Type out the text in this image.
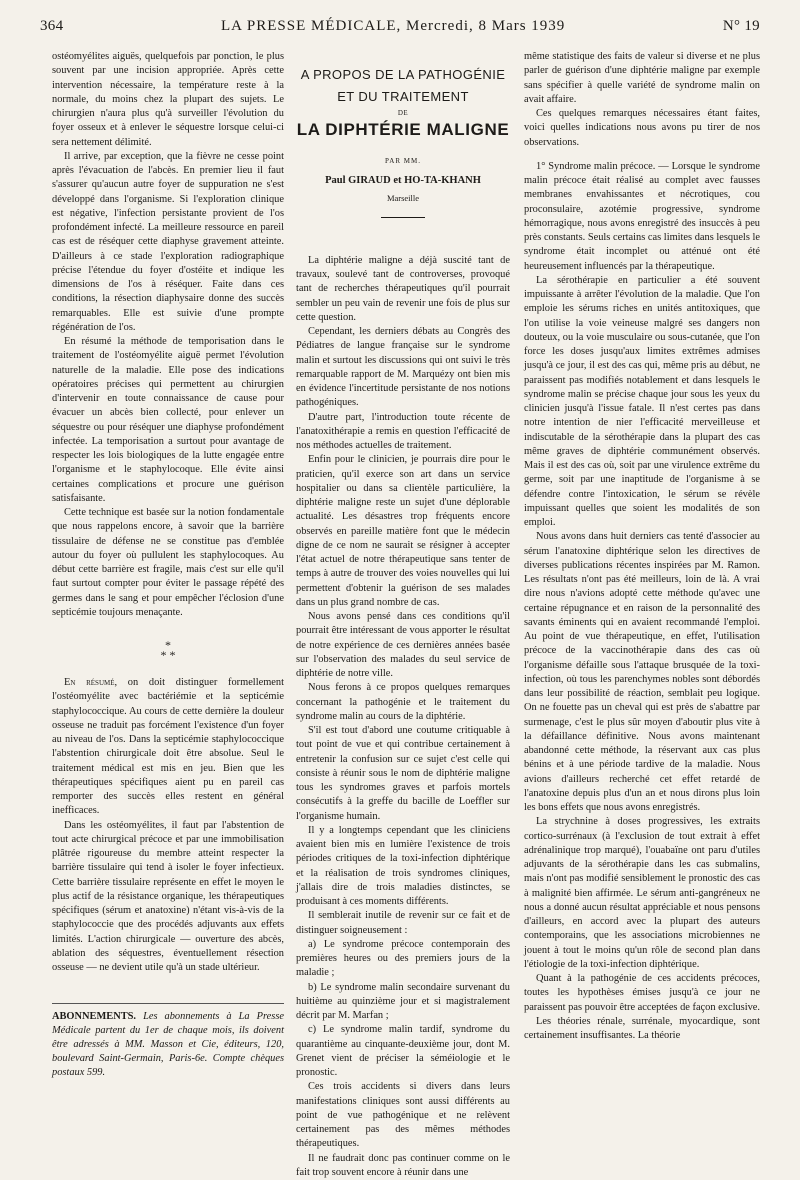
364	LA PRESSE MÉDICALE, Mercredi, 8 Mars 1939	N° 19

ostéomyélites aiguës, quelquefois par ponction, le plus souvent par une incision appropriée. Après cette intervention nécessaire, la température reste à la normale, du moins chez la plupart des sujets. Le chirurgien n'aura plus qu'à surveiller l'évolution du foyer osseux et à enlever le séquestre lorsque celui-ci sera nettement délimité.

Il arrive, par exception, que la fièvre ne cesse point après l'évacuation de l'abcès. En premier lieu il faut s'assurer qu'aucun autre foyer de suppuration ne s'est développé dans l'organisme. Si l'exploration clinique est négative, l'infection persistante provient de l'os profondément infecté. La meilleure ressource en pareil cas est de réséquer cette diaphyse gravement atteinte. D'ailleurs à ce stade l'exploration radiographique précise l'étendue du foyer d'ostéite et indique les dimensions de l'os à réséquer. Faite dans ces conditions, la résection diaphysaire donne des succès remarquables. Elle est suivie d'une prompte régénération de l'os.

En résumé la méthode de temporisation dans le traitement de l'ostéomyélite aiguë permet l'évolution naturelle de la maladie. Elle pose des indications opératoires précises qui permettent au chirurgien d'intervenir en toute connaissance de cause pour évacuer un abcès bien collecté, pour enlever un séquestre ou pour réséquer une diaphyse profondément infectée. La temporisation a surtout pour avantage de respecter les lois biologiques de la lutte engagée entre l'organisme et le staphylocoque. Elle évite ainsi certaines complications et procure une guérison satisfaisante.

Cette technique est basée sur la notion fondamentale que nous rappelons encore, à savoir que la barrière tissulaire de défense ne se constitue pas d'emblée autour du foyer où pullulent les staphylocoques. Au début cette barrière est fragile, mais c'est sur elle qu'il faut surtout compter pour éviter le passage répété des germes dans le sang et pour empêcher l'éclosion d'une septicémie toujours menaçante.

*
* *

En résumé, on doit distinguer formellement l'ostéomyélite avec bactériémie et la septicémie staphylococcique. Au cours de cette dernière la douleur osseuse ne traduit pas forcément l'existence d'un foyer au niveau de l'os. Dans la septicémie staphylococcique l'abstention chirurgicale doit être absolue. Seul le traitement médical est mis en jeu. Bien que les thérapeutiques spécifiques aient pu en pareil cas remporter des succès elles restent en général inefficaces.

Dans les ostéomyélites, il faut par l'abstention de tout acte chirurgical précoce et par une immobilisation plâtrée rigoureuse du membre atteint respecter la barrière tissulaire qui tend à isoler le foyer infectieux. Cette barrière tissulaire représente en effet le moyen le plus actif de la résistance organique, les thérapeutiques spécifiques (sérum et anatoxine) n'étant vis-à-vis de la staphylococcie que des procédés adjuvants aux effets limités. L'action chirurgicale — ouverture des abcès, ablation des séquestres, éventuellement résection osseuse — ne devient utile qu'à un stade ultérieur.

ABONNEMENTS. Les abonnements à La Presse Médicale partent du 1er de chaque mois, ils doivent être adressés à MM. Masson et Cie, éditeurs, 120, boulevard Saint-Germain, Paris-6e. Compte chèques postaux 599.
A PROPOS DE LA PATHOGÉNIE
ET DU TRAITEMENT
DE
LA DIPHTÉRIE MALIGNE
PAR MM.
Paul GIRAUD et HO-TA-KHANH
Marseille

La diphtérie maligne a déjà suscité tant de travaux, soulevé tant de controverses, provoqué tant de recherches thérapeutiques qu'il pourrait sembler un peu vain de revenir une fois de plus sur cette question.

Cependant, les derniers débats au Congrès des Pédiatres de langue française sur le syndrome malin et surtout les discussions qui ont suivi le très remarquable rapport de M. Marquézy ont bien mis en évidence l'incertitude persistante de nos notions pathogéniques.

D'autre part, l'introduction toute récente de l'anatoxithérapie a remis en question l'efficacité de nos méthodes actuelles de traitement.

Enfin pour le clinicien, je pourrais dire pour le praticien, qu'il exerce son art dans un service hospitalier ou dans sa clientèle particulière, la diphtérie maligne reste un sujet d'une déplorable actualité. Les désastres trop fréquents encore observés en pareille matière font que le médecin digne de ce nom ne saurait se résigner à accepter l'état actuel de notre thérapeutique sans tenter de temps à autre de trouver des voies nouvelles qui lui permettent d'obtenir la guérison de ses malades dans un plus grand nombre de cas.

Nous avons pensé dans ces conditions qu'il pourrait être intéressant de vous apporter le résultat de notre expérience de ces dernières années basée sur l'observation des malades du seul service de diphtérie de notre ville.

Nous ferons à ce propos quelques remarques concernant la pathogénie et le traitement du syndrome malin au cours de la diphtérie.

S'il est tout d'abord une coutume critiquable à tout point de vue et qui contribue certainement à entretenir la confusion sur ce sujet c'est celle qui consiste à réunir sous le nom de diphtérie maligne tous les syndromes graves et parfois mortels consécutifs à la greffe du bacille de Loeffler sur l'organisme humain.

Il y a longtemps cependant que les cliniciens avaient bien mis en lumière l'existence de trois périodes critiques de la toxi-infection diphtérique et la réalisation de trois syndromes cliniques, j'allais dire de trois maladies distinctes, se produisant à ces moments différents.

Il semblerait inutile de revenir sur ce fait et de distinguer soigneusement :

a) Le syndrome précoce contemporain des premières heures ou des premiers jours de la maladie ;

b) Le syndrome malin secondaire survenant du huitième au quinzième jour et si magistralement décrit par M. Marfan ;

c) Le syndrome malin tardif, syndrome du quarantième au cinquante-deuxième jour, dont M. Grenet vient de préciser la séméiologie et le pronostic.

Ces trois accidents si divers dans leurs manifestations cliniques sont aussi différents au point de vue pathogénique et ne relèvent certainement pas des mêmes méthodes thérapeutiques.

Il ne faudrait donc pas continuer comme on le fait trop souvent encore à réunir dans une

même statistique des faits de valeur si diverse et ne plus parler de guérison d'une diphtérie maligne par exemple sans spécifier à quelle variété de syndrome malin on avait affaire.

Ces quelques remarques nécessaires étant faites, voici quelles indications nous avons pu tirer de nos observations.

1° Syndrome malin précoce. — Lorsque le syndrome malin précoce était réalisé au complet avec fausses membranes envahissantes et nécrotiques, cou proconsulaire, azotémie progressive, syndrome hémorragique, nous avons enregistré des insuccès à peu près constants. Seuls certains cas limites dans lesquels le syndrome était incomplet ou atténué ont été heureusement influencés par la thérapeutique.

La sérothérapie en particulier a été souvent impuissante à arrêter l'évolution de la maladie. Que l'on emploie les sérums riches en unités antitoxiques, que l'on utilise la voie veineuse malgré ses dangers non douteux, ou la voie musculaire ou sous-cutanée, que l'on force les doses jusqu'aux limites extrêmes admises jusqu'à ce jour, il est des cas qui, même pris au début, ne paraissent pas modifiés notablement et dans lesquels le syndrome malin se précise chaque jour sous les yeux du clinicien jusqu'à l'issue fatale. Il n'est certes pas dans notre intention de nier l'efficacité merveilleuse et indiscutable de la sérothérapie dans la plupart des cas même graves de diphtérie communément observés. Mais il est des cas où, soit par une virulence extrême du germe, soit par une inaptitude de l'organisme à se défendre contre l'intoxication, le sérum se révèle impuissant quelles que soient les modalités de son emploi.

Nous avons dans huit derniers cas tenté d'associer au sérum l'anatoxine diphtérique selon les directives de diverses publications récentes inspirées par M. Ramon. Les résultats n'ont pas été meilleurs, loin de là. A vrai dire nous n'avions adopté cette méthode qu'avec une certaine répugnance et en raison de la personnalité des savants éminents qui en avaient recommandé l'emploi. Au point de vue thérapeutique, en effet, l'utilisation précoce de la vaccinothérapie dans des cas où l'organisme défaille sous l'attaque brusquée de la toxi-infection, où tous les parenchymes nobles sont débordés dans leur possibilité de réaction, semblait peu logique. On ne fouette pas un cheval qui est près de s'abattre par surmenage, c'est le plus sûr moyen d'aboutir plus vite à la défaillance définitive. Nous avons maintenant abandonné cette méthode, la réservant aux cas plus bénins et à une période tardive de la maladie. Nous avions d'ailleurs recherché cet effet retardé de l'anatoxine depuis plus d'un an et nous dirons plus loin les bons effets que nous avons enregistrés.

La strychnine à doses progressives, les extraits cortico-surrénaux (à l'exclusion de tout extrait à effet adrénalinique trop marqué), l'ouabaïne ont paru d'utiles adjuvants de la sérothérapie dans les cas submalins, mais n'ont pas modifié sensiblement le pronostic des cas à malignité bien affirmée. Le sérum anti-gangréneux ne nous a donné aucun résultat appréciable et nous pensons d'ailleurs, en accord avec la plupart des auteurs contemporains, que les associations microbiennes ne jouent à tout le moins qu'un rôle de second plan dans l'étiologie de la toxi-infection diphtérique.

Quant à la pathogénie de ces accidents précoces, toutes les hypothèses émises jusqu'à ce jour ne paraissent pas pouvoir être acceptées de façon exclusive.

Les théories rénale, surrénale, myocardique, sont certainement insuffisantes. La théorie
